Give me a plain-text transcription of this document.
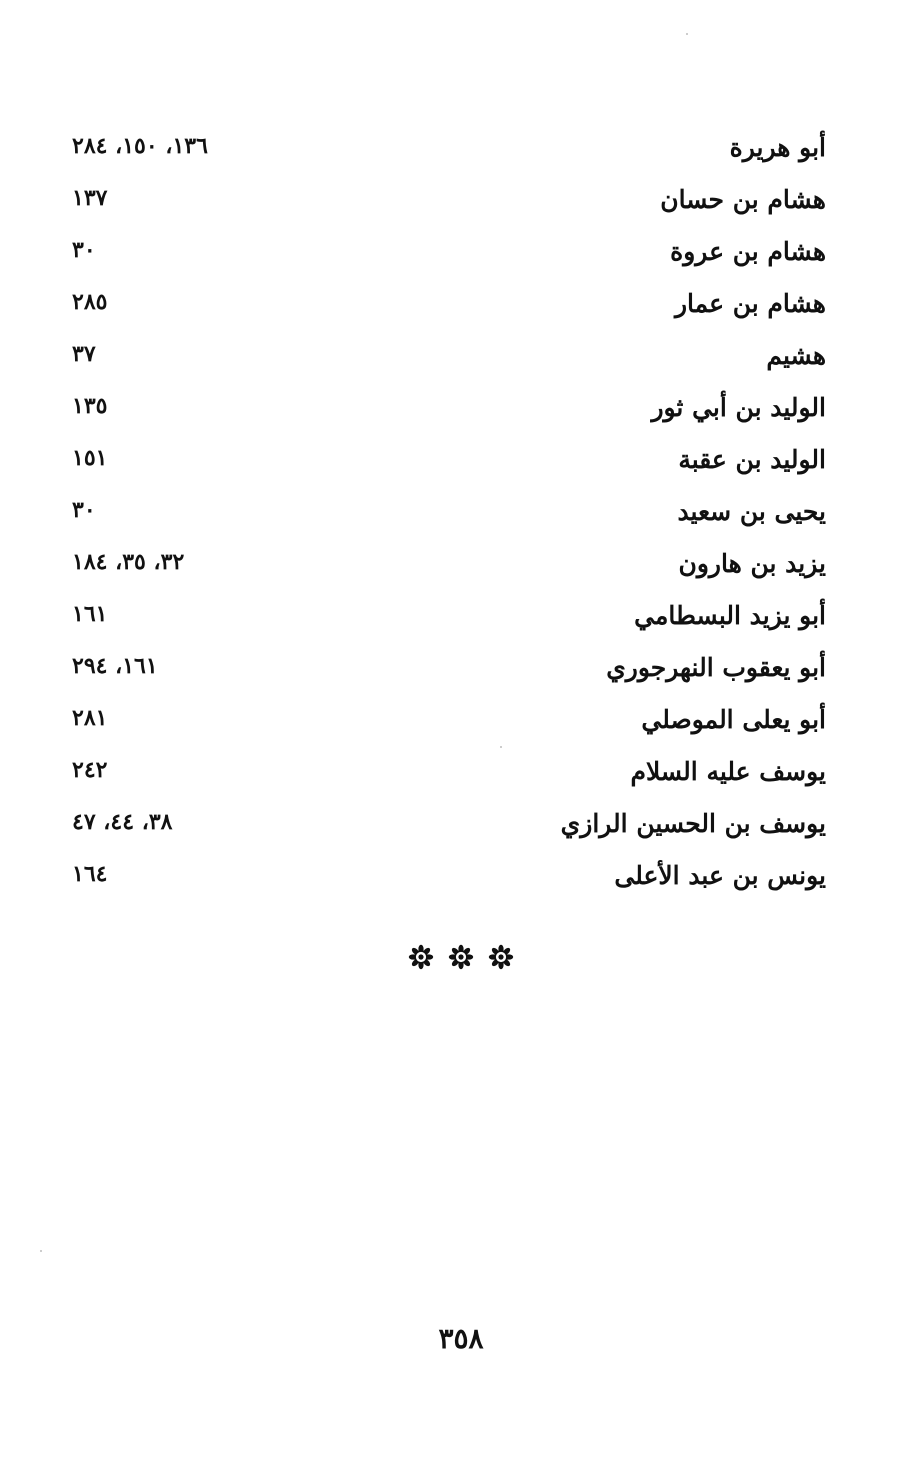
أبو هريرة
١٣٦، ١٥٠، ٢٨٤
هشام بن حسان
١٣٧
هشام بن عروة
٣٠
هشام بن عمار
٢٨٥
هشيم
٣٧
الوليد بن أبي ثور
١٣٥
الوليد بن عقبة
١٥١
يحيى بن سعيد
٣٠
يزيد بن هارون
٣٢، ٣٥، ١٨٤
أبو يزيد البسطامي
١٦١
أبو يعقوب النهرجوري
١٦١، ٢٩٤
أبو يعلى الموصلي
٢٨١
يوسف عليه السلام
٢٤٢
يوسف بن الحسين الرازي
٣٨، ٤٤، ٤٧
يونس بن عبد الأعلى
١٦٤
٣٥٨
